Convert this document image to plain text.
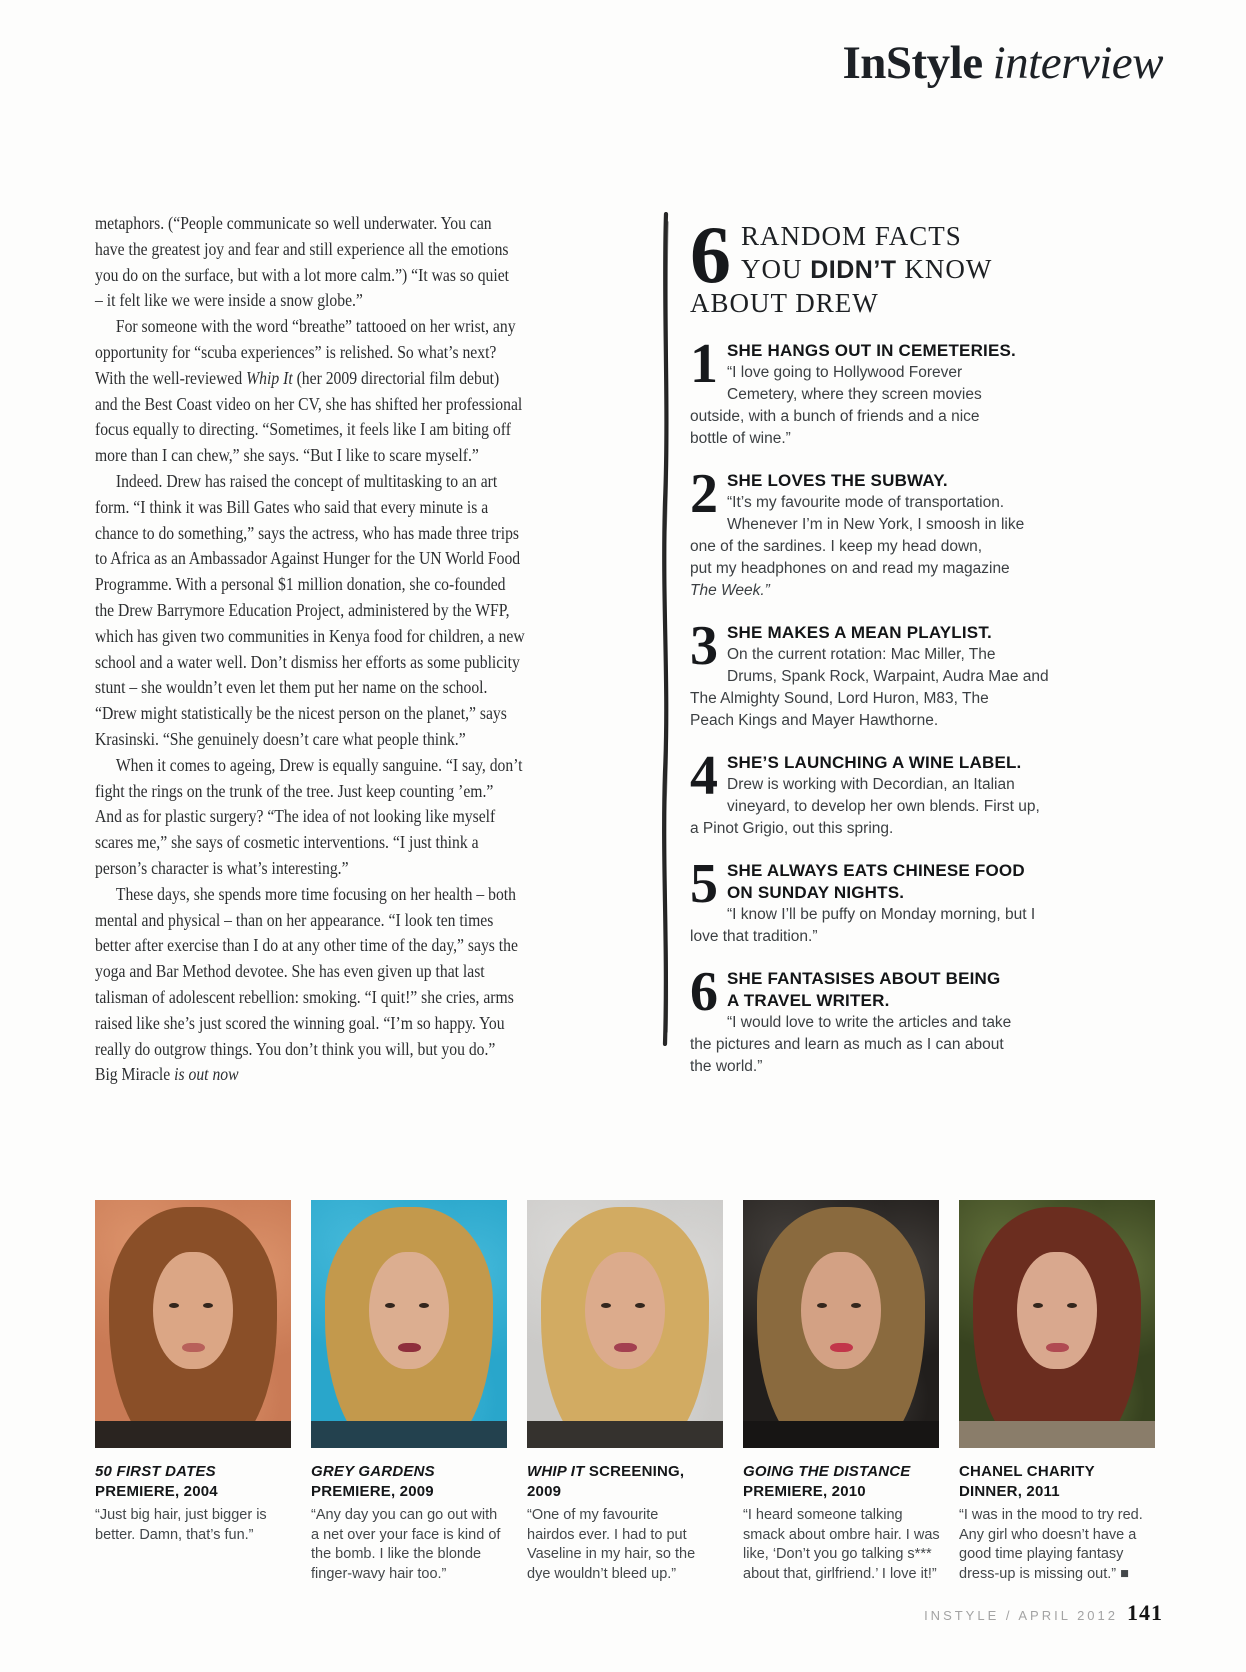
InStyle interview
metaphors. (“People communicate so well underwater. You can
have the greatest joy and fear and still experience all the emotions
you do on the surface, but with a lot more calm.”) “It was so quiet
– it felt like we were inside a snow globe.”
For someone with the word “breathe” tattooed on her wrist, any
opportunity for “scuba experiences” is relished. So what’s next?
With the well-reviewed Whip It (her 2009 directorial film debut)
and the Best Coast video on her CV, she has shifted her professional
focus equally to directing. “Sometimes, it feels like I am biting off
more than I can chew,” she says. “But I like to scare myself.”
Indeed. Drew has raised the concept of multitasking to an art
form. “I think it was Bill Gates who said that every minute is a
chance to do something,” says the actress, who has made three trips
to Africa as an Ambassador Against Hunger for the UN World Food
Programme. With a personal $1 million donation, she co-founded
the Drew Barrymore Education Project, administered by the WFP,
which has given two communities in Kenya food for children, a new
school and a water well. Don’t dismiss her efforts as some publicity
stunt – she wouldn’t even let them put her name on the school.
“Drew might statistically be the nicest person on the planet,” says
Krasinski. “She genuinely doesn’t care what people think.”
When it comes to ageing, Drew is equally sanguine. “I say, don’t
fight the rings on the trunk of the tree. Just keep counting ’em.”
And as for plastic surgery? “The idea of not looking like myself
scares me,” she says of cosmetic interventions. “I just think a
person’s character is what’s interesting.”
These days, she spends more time focusing on her health – both
mental and physical – than on her appearance. “I look ten times
better after exercise than I do at any other time of the day,” says the
yoga and Bar Method devotee. She has even given up that last
talisman of adolescent rebellion: smoking. “I quit!” she cries, arms
raised like she’s just scored the winning goal. “I’m so happy. You
really do outgrow things. You don’t think you will, but you do.”
Big Miracle is out now
6 RANDOM FACTS
YOU DIDN’T KNOW
ABOUT DREW
1 SHE HANGS OUT IN CEMETERIES.
“I love going to Hollywood Forever
Cemetery, where they screen movies
outside, with a bunch of friends and a nice
bottle of wine.”
2 SHE LOVES THE SUBWAY.
“It’s my favourite mode of transportation.
Whenever I’m in New York, I smoosh in like
one of the sardines. I keep my head down,
put my headphones on and read my magazine
The Week.”
3 SHE MAKES A MEAN PLAYLIST.
On the current rotation: Mac Miller, The
Drums, Spank Rock, Warpaint, Audra Mae and
The Almighty Sound, Lord Huron, M83, The
Peach Kings and Mayer Hawthorne.
4 SHE’S LAUNCHING A WINE LABEL.
Drew is working with Decordian, an Italian
vineyard, to develop her own blends. First up,
a Pinot Grigio, out this spring.
5 SHE ALWAYS EATS CHINESE FOOD
ON SUNDAY NIGHTS.
“I know I’ll be puffy on Monday morning, but I
love that tradition.”
6 SHE FANTASISES ABOUT BEING
A TRAVEL WRITER.
“I would love to write the articles and take
the pictures and learn as much as I can about
the world.”
50 FIRST DATES
PREMIERE, 2004
“Just big hair, just bigger is
better. Damn, that’s fun.”
GREY GARDENS
PREMIERE, 2009
“Any day you can go out with
a net over your face is kind of
the bomb. I like the blonde
finger-wavy hair too.”
WHIP IT SCREENING,
2009
“One of my favourite
hairdos ever. I had to put
Vaseline in my hair, so the
dye wouldn’t bleed up.”
GOING THE DISTANCE
PREMIERE, 2010
“I heard someone talking
smack about ombre hair. I was
like, ‘Don’t you go talking s***
about that, girlfriend.’ I love it!”
CHANEL CHARITY
DINNER, 2011
“I was in the mood to try red.
Any girl who doesn’t have a
good time playing fantasy
dress-up is missing out.” ■
INSTYLE / APRIL 2012 141
